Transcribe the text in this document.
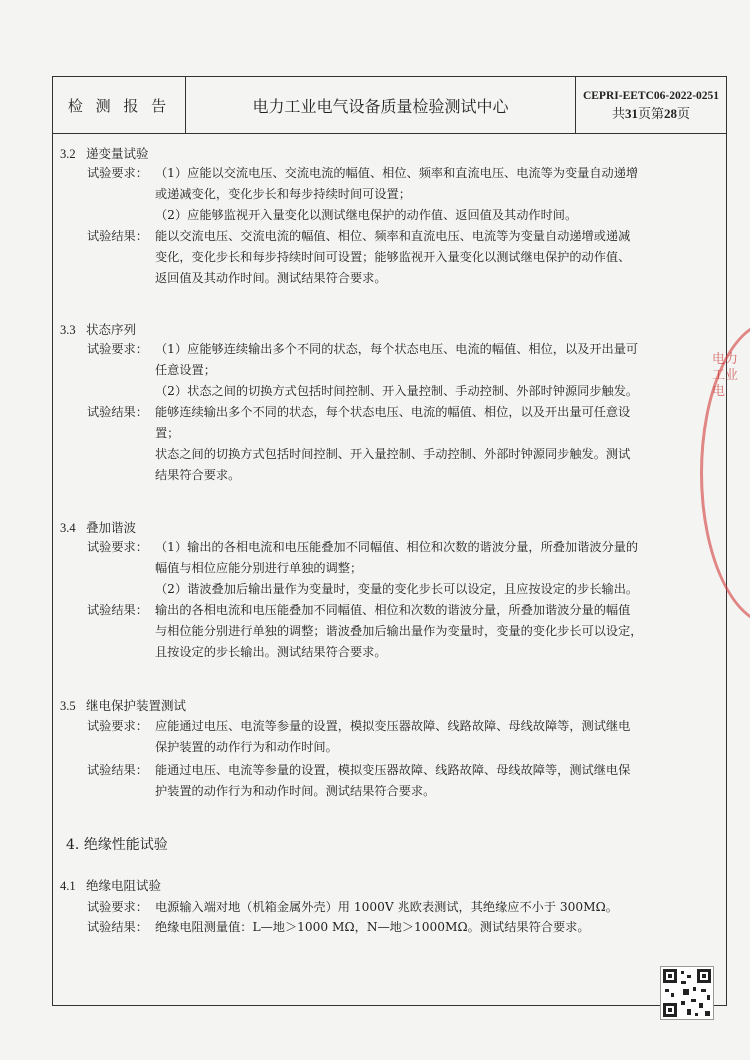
检 测 报 告	电力工业电气设备质量检验测试中心
CEPRI-EETC06-2022-0251
共31页第28页
3.2 递变量试验
试验要求： （1）应能以交流电压、交流电流的幅值、相位、频率和直流电压、电流等为变量自动递增
或递减变化，变化步长和每步持续时间可设置；
（2）应能够监视开入量变化以测试继电保护的动作值、返回值及其动作时间。
试验结果： 能以交流电压、交流电流的幅值、相位、频率和直流电压、电流等为变量自动递增或递减
变化，变化步长和每步持续时间可设置；能够监视开入量变化以测试继电保护的动作值、
返回值及其动作时间。测试结果符合要求。
3.3 状态序列
试验要求： （1）应能够连续输出多个不同的状态，每个状态电压、电流的幅值、相位，以及开出量可
任意设置；
（2）状态之间的切换方式包括时间控制、开入量控制、手动控制、外部时钟源同步触发。
试验结果： 能够连续输出多个不同的状态，每个状态电压、电流的幅值、相位，以及开出量可任意设
置；
状态之间的切换方式包括时间控制、开入量控制、手动控制、外部时钟源同步触发。测试
结果符合要求。
3.4 叠加谐波
试验要求： （1）输出的各相电流和电压能叠加不同幅值、相位和次数的谐波分量，所叠加谐波分量的
幅值与相位应能分别进行单独的调整；
（2）谐波叠加后输出量作为变量时，变量的变化步长可以设定，且应按设定的步长输出。
试验结果： 输出的各相电流和电压能叠加不同幅值、相位和次数的谐波分量，所叠加谐波分量的幅值
与相位能分别进行单独的调整；谐波叠加后输出量作为变量时，变量的变化步长可以设定，
且按设定的步长输出。测试结果符合要求。
3.5 继电保护装置测试
试验要求： 应能通过电压、电流等参量的设置，模拟变压器故障、线路故障、母线故障等，测试继电
保护装置的动作行为和动作时间。
试验结果： 能通过电压、电流等参量的设置，模拟变压器故障、线路故障、母线故障等，测试继电保
护装置的动作行为和动作时间。测试结果符合要求。
4. 绝缘性能试验
4.1 绝缘电阻试验
试验要求： 电源输入端对地（机箱金属外壳）用 1000V 兆欧表测试，其绝缘应不小于 300MΩ。
试验结果： 绝缘电阻测量值：L—地＞1000 MΩ，N—地＞1000MΩ。测试结果符合要求。
电力工业电
